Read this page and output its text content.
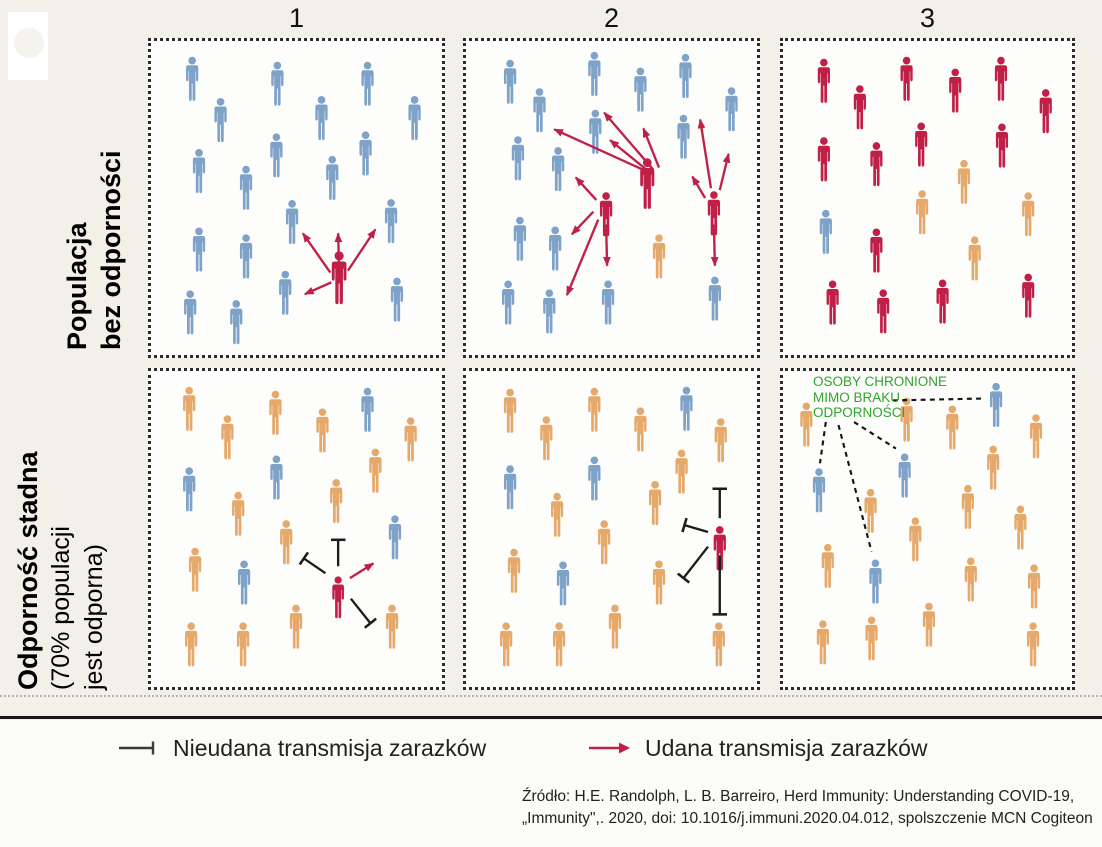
1	2	3
Populacja bez odporności
Odporność stadna (70% populacji jest odporna)
OSOBY CHRONIONE
MIMO BRAKU
ODPORNOŚCI
Nieudana transmisja zarazków	Udana transmisja zarazków
Źródło: H.E. Randolph, L. B. Barreiro, Herd Immunity: Understanding COVID-19,
„Immunity",. 2020, doi: 10.1016/j.immuni.2020.04.012, spolszczenie MCN Cogiteon
